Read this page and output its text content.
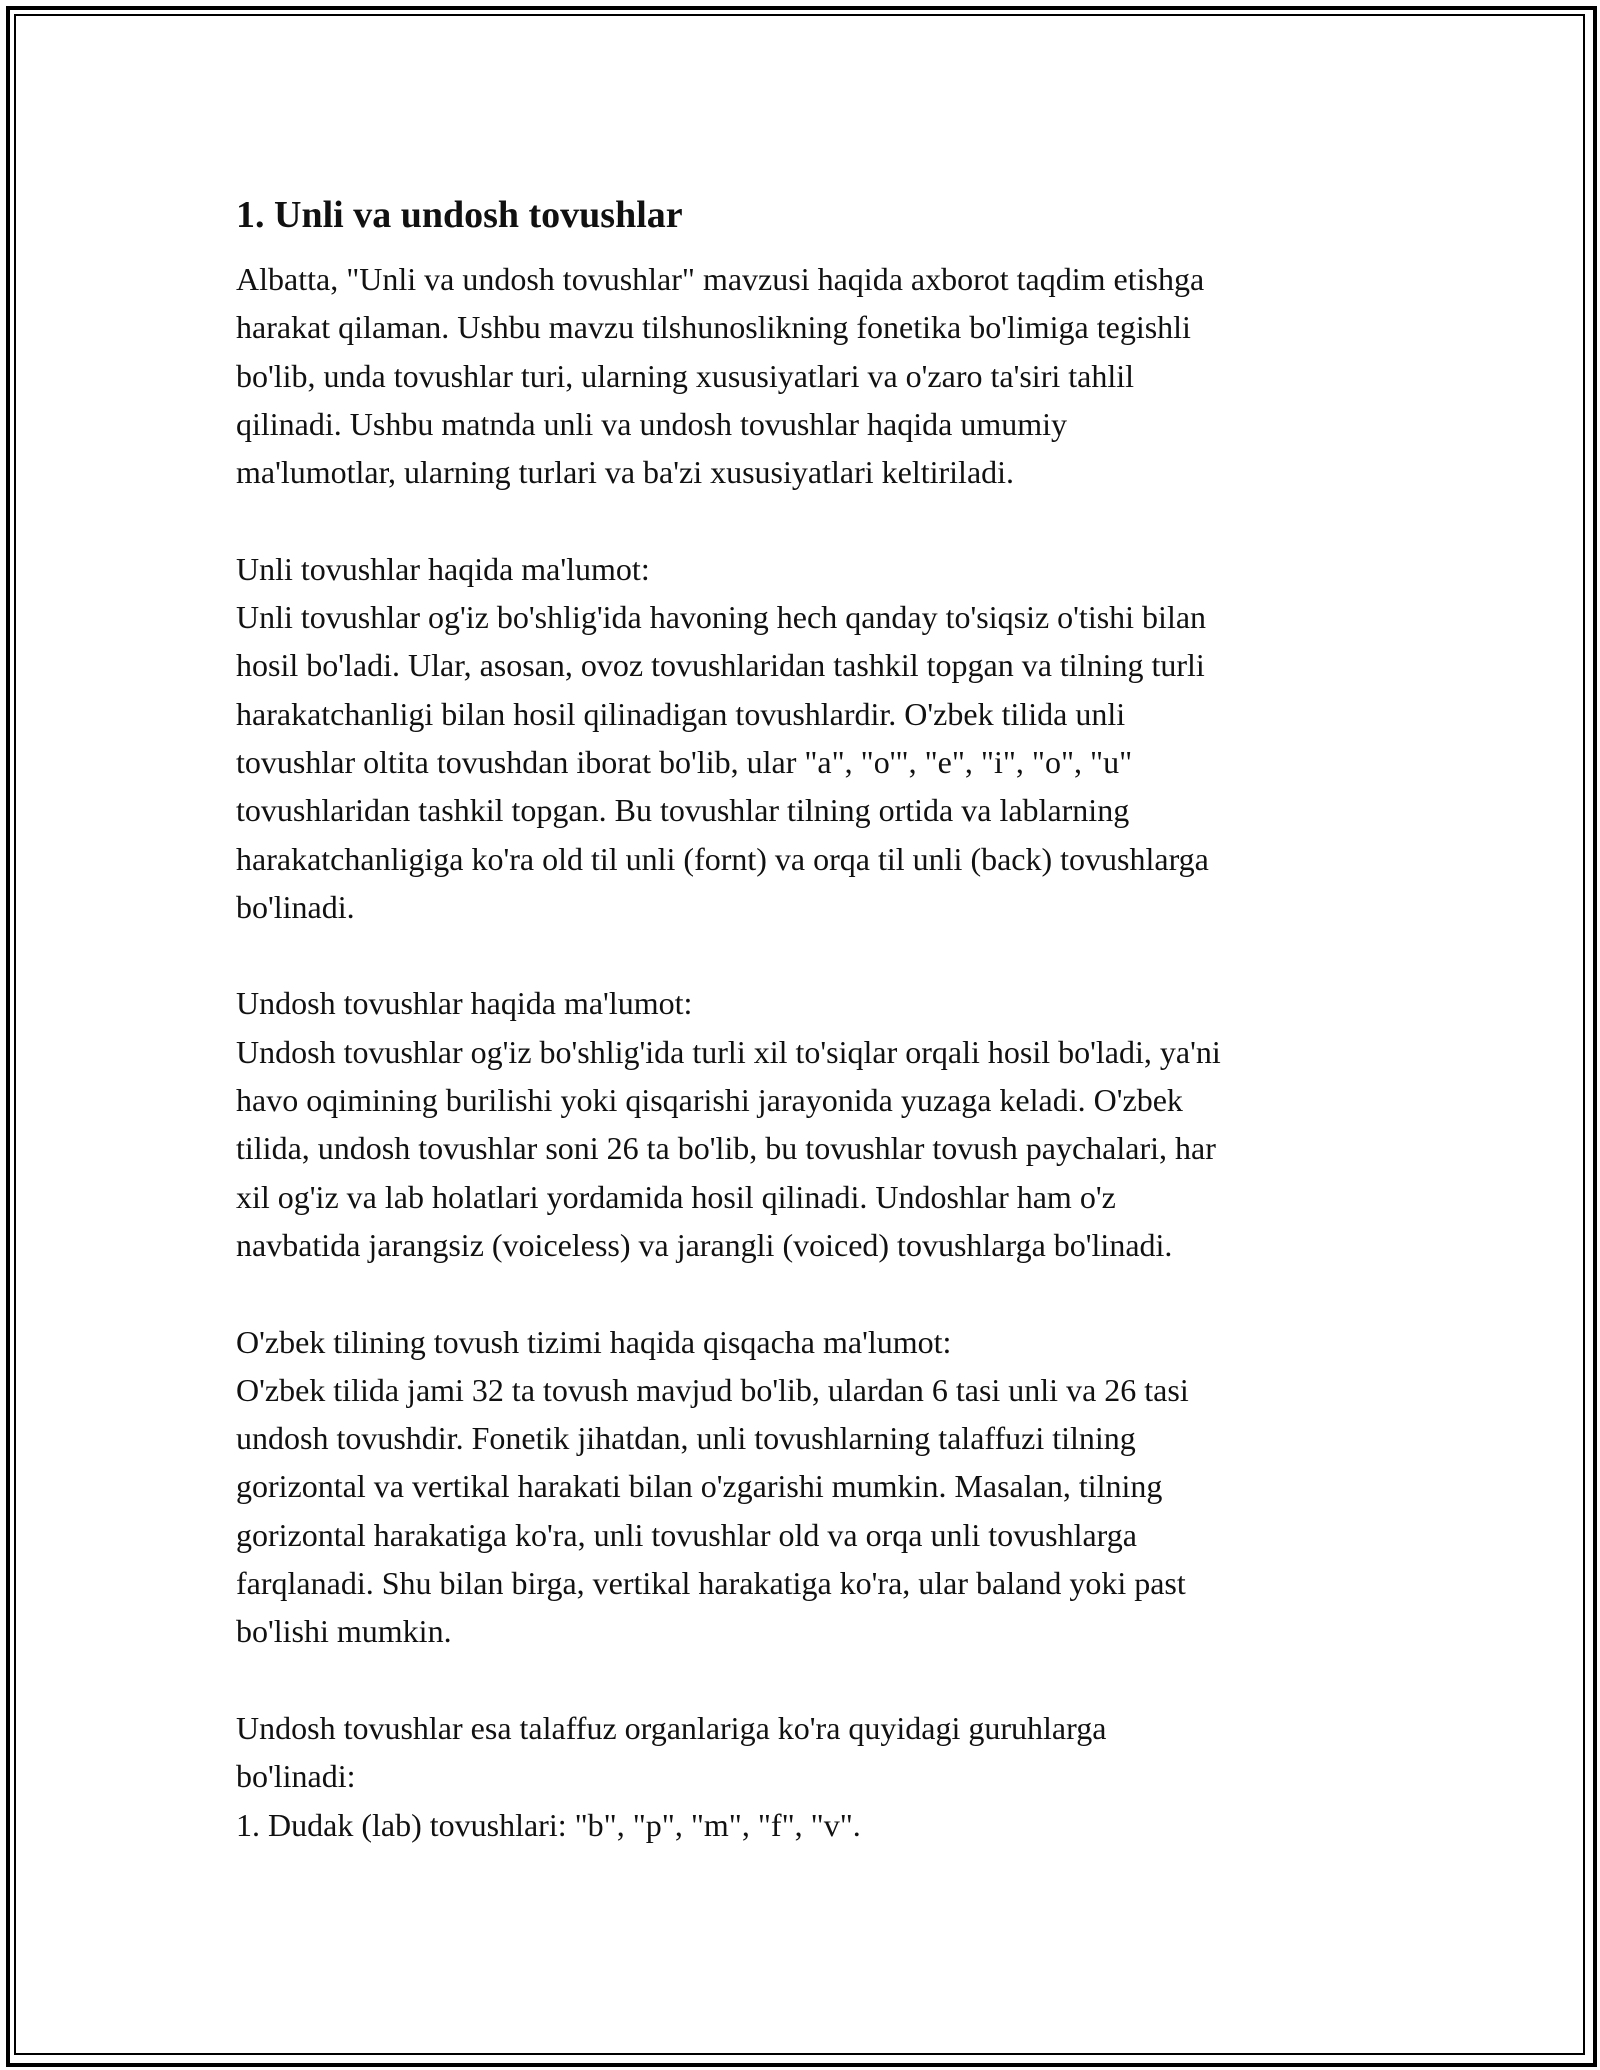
1. Unli va undosh tovushlar

Albatta, "Unli va undosh tovushlar" mavzusi haqida axborot taqdim etishga
harakat qilaman. Ushbu mavzu tilshunoslikning fonetika bo'limiga tegishli
bo'lib, unda tovushlar turi, ularning xususiyatlari va o'zaro ta'siri tahlil
qilinadi. Ushbu matnda unli va undosh tovushlar haqida umumiy
ma'lumotlar, ularning turlari va ba'zi xususiyatlari keltiriladi.

Unli tovushlar haqida ma'lumot:

Unli tovushlar og'iz bo'shlig'ida havoning hech qanday to'siqsiz o'tishi bilan
hosil bo'ladi. Ular, asosan, ovoz tovushlaridan tashkil topgan va tilning turli
harakatchanligi bilan hosil qilinadigan tovushlardir. O'zbek tilida unli
tovushlar oltita tovushdan iborat bo'lib, ular "a", "o'", "e", "i", "o", "u"
tovushlaridan tashkil topgan. Bu tovushlar tilning ortida va lablarning
harakatchanligiga ko'ra old til unli (fornt) va orqa til unli (back) tovushlarga
bo'linadi.

Undosh tovushlar haqida ma'lumot:

Undosh tovushlar og'iz bo'shlig'ida turli xil to'siqlar orqali hosil bo'ladi, ya'ni
havo oqimining burilishi yoki qisqarishi jarayonida yuzaga keladi. O'zbek
tilida, undosh tovushlar soni 26 ta bo'lib, bu tovushlar tovush paychalari, har
xil og'iz va lab holatlari yordamida hosil qilinadi. Undoshlar ham o'z
navbatida jarangsiz (voiceless) va jarangli (voiced) tovushlarga bo'linadi.

O'zbek tilining tovush tizimi haqida qisqacha ma'lumot:

O'zbek tilida jami 32 ta tovush mavjud bo'lib, ulardan 6 tasi unli va 26 tasi
undosh tovushdir. Fonetik jihatdan, unli tovushlarning talaffuzi tilning
gorizontal va vertikal harakati bilan o'zgarishi mumkin. Masalan, tilning
gorizontal harakatiga ko'ra, unli tovushlar old va orqa unli tovushlarga
farqlanadi. Shu bilan birga, vertikal harakatiga ko'ra, ular baland yoki past
bo'lishi mumkin.

Undosh tovushlar esa talaffuz organlariga ko'ra quyidagi guruhlarga
bo'linadi:

1. Dudak (lab) tovushlari: "b", "p", "m", "f", "v".
